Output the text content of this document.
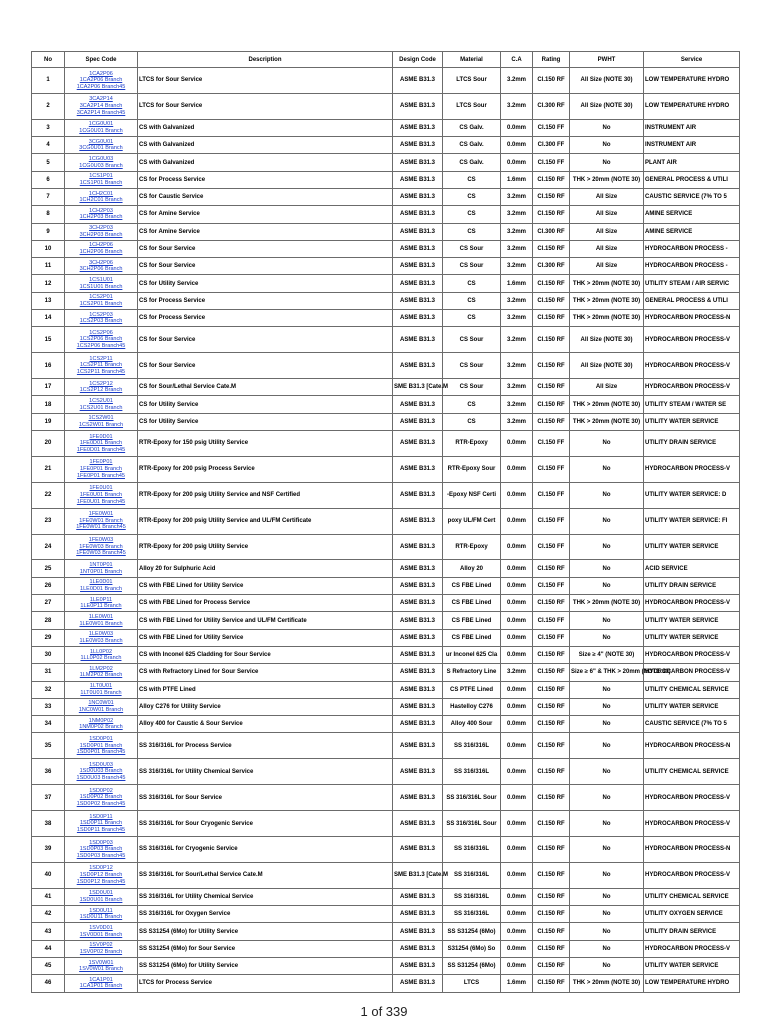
No	Spec Code	Description	Design Code	Material	C.A	Rating	PWHT	Service
1	1CA2P06
1CA2P06 Branch
1CA2P06 Branch45	LTCS for Sour Service	ASME B31.3	LTCS Sour	3.2mm	Cl.150 RF	All Size (NOTE 30)	LOW TEMPERATURE HYDRO
2	3CA2P14
3CA2P14 Branch
3CA2P14 Branch45	LTCS for Sour Service	ASME B31.3	LTCS Sour	3.2mm	Cl.300 RF	All Size (NOTE 30)	LOW TEMPERATURE HYDRO
3	1CG0U01
1CG0U01 Branch	CS with Galvanized	ASME B31.3	CS Galv.	0.0mm	Cl.150 FF	No	INSTRUMENT AIR
4	3CG0U01
3CG0U01 Branch	CS with Galvanized	ASME B31.3	CS Galv.	0.0mm	Cl.300 FF	No	INSTRUMENT AIR
5	1CG0U03
1CG0U03 Branch	CS with Galvanized	ASME B31.3	CS Galv.	0.0mm	Cl.150 FF	No	PLANT AIR
6	1CS1P01
1CS1P01 Branch	CS for Process Service	ASME B31.3	CS	1.6mm	Cl.150 RF	THK > 20mm (NOTE 30)	GENERAL PROCESS & UTILI
7	1CH2C01
1CH2C01 Branch	CS for Caustic Service	ASME B31.3	CS	3.2mm	Cl.150 RF	All Size	CAUSTIC SERVICE (7% TO 5
8	1CH2P03
1CH2P03 Branch	CS for Amine Service	ASME B31.3	CS	3.2mm	Cl.150 RF	All Size	AMINE SERVICE
9	3CH2P03
3CH2P03 Branch	CS for Amine Service	ASME B31.3	CS	3.2mm	Cl.300 RF	All Size	AMINE SERVICE
10	1CH2P06
1CH2P06 Branch	CS for Sour Service	ASME B31.3	CS Sour	3.2mm	Cl.150 RF	All Size	HYDROCARBON PROCESS -
11	3CH2P06
3CH2P06 Branch	CS for Sour Service	ASME B31.3	CS Sour	3.2mm	Cl.300 RF	All Size	HYDROCARBON PROCESS -
12	1CS1U01
1CS1U01 Branch	CS for Utility Service	ASME B31.3	CS	1.6mm	Cl.150 RF	THK > 20mm (NOTE 30)	UTILITY STEAM / AIR SERVIC
13	1CS2P01
1CS2P01 Branch	CS for Process Service	ASME B31.3	CS	3.2mm	Cl.150 RF	THK > 20mm (NOTE 30)	GENERAL PROCESS & UTILI
14	1CS2P03
1CS2P03 Branch	CS for Process Service	ASME B31.3	CS	3.2mm	Cl.150 RF	THK > 20mm (NOTE 30)	HYDROCARBON PROCESS-N
15	1CS2P06
1CS2P06 Branch
1CS2P06 Branch45	CS for Sour Service	ASME B31.3	CS Sour	3.2mm	Cl.150 RF	All Size (NOTE 30)	HYDROCARBON PROCESS-V
16	1CS2P11
1CS2P11 Branch
1CS2P11 Branch45	CS for Sour Service	ASME B31.3	CS Sour	3.2mm	Cl.150 RF	All Size (NOTE 30)	HYDROCARBON PROCESS-V
17	1CS2P12
1CS2P12 Branch	CS for Sour/Lethal Service Cate.M	SME B31.3 [Cate.M	CS Sour	3.2mm	Cl.150 RF	All Size	HYDROCARBON PROCESS-V
18	1CS2U01
1CS2U01 Branch	CS for Utility Service	ASME B31.3	CS	3.2mm	Cl.150 RF	THK > 20mm (NOTE 30)	UTILITY STEAM / WATER SE
19	1CS2W01
1CS2W01 Branch	CS for Utility Service	ASME B31.3	CS	3.2mm	Cl.150 RF	THK > 20mm (NOTE 30)	UTILITY WATER SERVICE
20	1FE0D01
1FE0D01 Branch
1FE0D01 Branch45	RTR-Epoxy for 150 psig Utility Service	ASME B31.3	RTR-Epoxy	0.0mm	Cl.150 FF	No	UTILITY DRAIN SERVICE
21	1FE0P01
1FE0P01 Branch
1FE0P01 Branch45	RTR-Epoxy for 200 psig Process Service	ASME B31.3	RTR-Epoxy Sour	0.0mm	Cl.150 FF	No	HYDROCARBON PROCESS-V
22	1FE0U01
1FE0U01 Branch
1FE0U01 Branch45	RTR-Epoxy for 200 psig Utility Service and NSF Certified	ASME B31.3	-Epoxy NSF Certi	0.0mm	Cl.150 FF	No	UTILITY WATER SERVICE: D
23	1FE0W01
1FE0W01 Branch
1FE0W01 Branch45	RTR-Epoxy for 200 psig Utility Service and UL/FM Certificate	ASME B31.3	poxy UL/FM Cert	0.0mm	Cl.150 FF	No	UTILITY WATER SERVICE: FI
24	1FE0W03
1FE0W03 Branch
1FE0W03 Branch45	RTR-Epoxy for 200 psig Utility Service	ASME B31.3	RTR-Epoxy	0.0mm	Cl.150 FF	No	UTILITY WATER SERVICE
25	1NT0P01
1NT0P01 Branch	Alloy 20 for Sulphuric Acid	ASME B31.3	Alloy 20	0.0mm	Cl.150 RF	No	ACID SERVICE
26	1LE0D01
1LE0D01 Branch	CS with FBE Lined for Utility Service	ASME B31.3	CS FBE Lined	0.0mm	Cl.150 FF	No	UTILITY DRAIN SERVICE
27	1LE0P11
1LE0P11 Branch	CS with FBE Lined for Process Service	ASME B31.3	CS FBE Lined	0.0mm	Cl.150 RF	THK > 20mm (NOTE 30)	HYDROCARBON PROCESS-V
28	1LE0W01
1LE0W01 Branch	CS with FBE Lined for Utility Service and UL/FM Certificate	ASME B31.3	CS FBE Lined	0.0mm	Cl.150 FF	No	UTILITY WATER SERVICE
29	1LE0W03
1LE0W03 Branch	CS with FBE Lined for Utility Service	ASME B31.3	CS FBE Lined	0.0mm	Cl.150 FF	No	UTILITY WATER SERVICE
30	1LL0P02
1LL0P02 Branch	CS with Inconel 625 Cladding for Sour Service	ASME B31.3	ur Inconel 625 Cla	0.0mm	Cl.150 RF	Size ≥ 4" (NOTE 30)	HYDROCARBON PROCESS-V
31	1LM2P02
1LM2P02 Branch	CS with Refractory Lined for Sour Service	ASME B31.3	S Refractory Line	3.2mm	Cl.150 RF	Size ≥ 6" & THK > 20mm (NOTE 30)	HYDROCARBON PROCESS-V
32	1LT0U01
1LT0U01 Branch	CS with PTFE Lined	ASME B31.3	CS PTFE Lined	0.0mm	Cl.150 RF	No	UTILITY CHEMICAL SERVICE
33	1NC0W01
1NC0W01 Branch	Alloy C276 for Utility Service	ASME B31.3	Hastelloy C276	0.0mm	Cl.150 RF	No	UTILITY WATER SERVICE
34	1NM0P02
1NM0P02 Branch	Alloy 400 for Caustic & Sour Service	ASME B31.3	Alloy 400 Sour	0.0mm	Cl.150 RF	No	CAUSTIC SERVICE (7% TO 5
35	1SD0P01
1SD0P01 Branch
1SD0P01 Branch45	SS 316/316L for Process Service	ASME B31.3	SS 316/316L	0.0mm	Cl.150 RF	No	HYDROCARBON PROCESS-N
36	1SD0U03
1SD0U03 Branch
1SD0U03 Branch45	SS 316/316L for Utility Chemical Service	ASME B31.3	SS 316/316L	0.0mm	Cl.150 RF	No	UTILITY CHEMICAL SERVICE
37	1SD0P02
1SD0P02 Branch
1SD0P02 Branch45	SS 316/316L for Sour Service	ASME B31.3	SS 316/316L Sour	0.0mm	Cl.150 RF	No	HYDROCARBON PROCESS-V
38	1SD0P11
1SD0P11 Branch
1SD0P11 Branch45	SS 316/316L for Sour Cryogenic Service	ASME B31.3	SS 316/316L Sour	0.0mm	Cl.150 RF	No	HYDROCARBON PROCESS-V
39	1SD0P03
1SD0P03 Branch
1SD0P03 Branch45	SS 316/316L for Cryogenic Service	ASME B31.3	SS 316/316L	0.0mm	Cl.150 RF	No	HYDROCARBON PROCESS-N
40	1SD0P12
1SD0P12 Branch
1SD0P12 Branch45	SS 316/316L for Sour/Lethal Service Cate.M	SME B31.3 [Cate.M	SS 316/316L	0.0mm	Cl.150 RF	No	HYDROCARBON PROCESS-V
41	1SD0U01
1SD0U01 Branch	SS 316/316L for Utility Chemical Service	ASME B31.3	SS 316/316L	0.0mm	Cl.150 RF	No	UTILITY CHEMICAL SERVICE
42	1SD0U11
1SD0U11 Branch	SS 316/316L for Oxygen Service	ASME B31.3	SS 316/316L	0.0mm	Cl.150 RF	No	UTILITY OXYGEN SERVICE
43	1SV0D01
1SV0D01 Branch	SS S31254 (6Mo) for Utility Service	ASME B31.3	SS S31254 (6Mo)	0.0mm	Cl.150 RF	No	UTILITY DRAIN SERVICE
44	1SV0P02
1SV0P02 Branch	SS S31254 (6Mo) for Sour Service	ASME B31.3	S31254 (6Mo) So	0.0mm	Cl.150 RF	No	HYDROCARBON PROCESS-V
45	1SV0W01
1SV0W01 Branch	SS S31254 (6Mo) for Utility Service	ASME B31.3	SS S31254 (6Mo)	0.0mm	Cl.150 RF	No	UTILITY WATER SERVICE
46	1CA1P01
1CA1P01 Branch	LTCS for Process Service	ASME B31.3	LTCS	1.6mm	Cl.150 RF	THK > 20mm (NOTE 30)	LOW TEMPERATURE HYDRO
1 of 339
